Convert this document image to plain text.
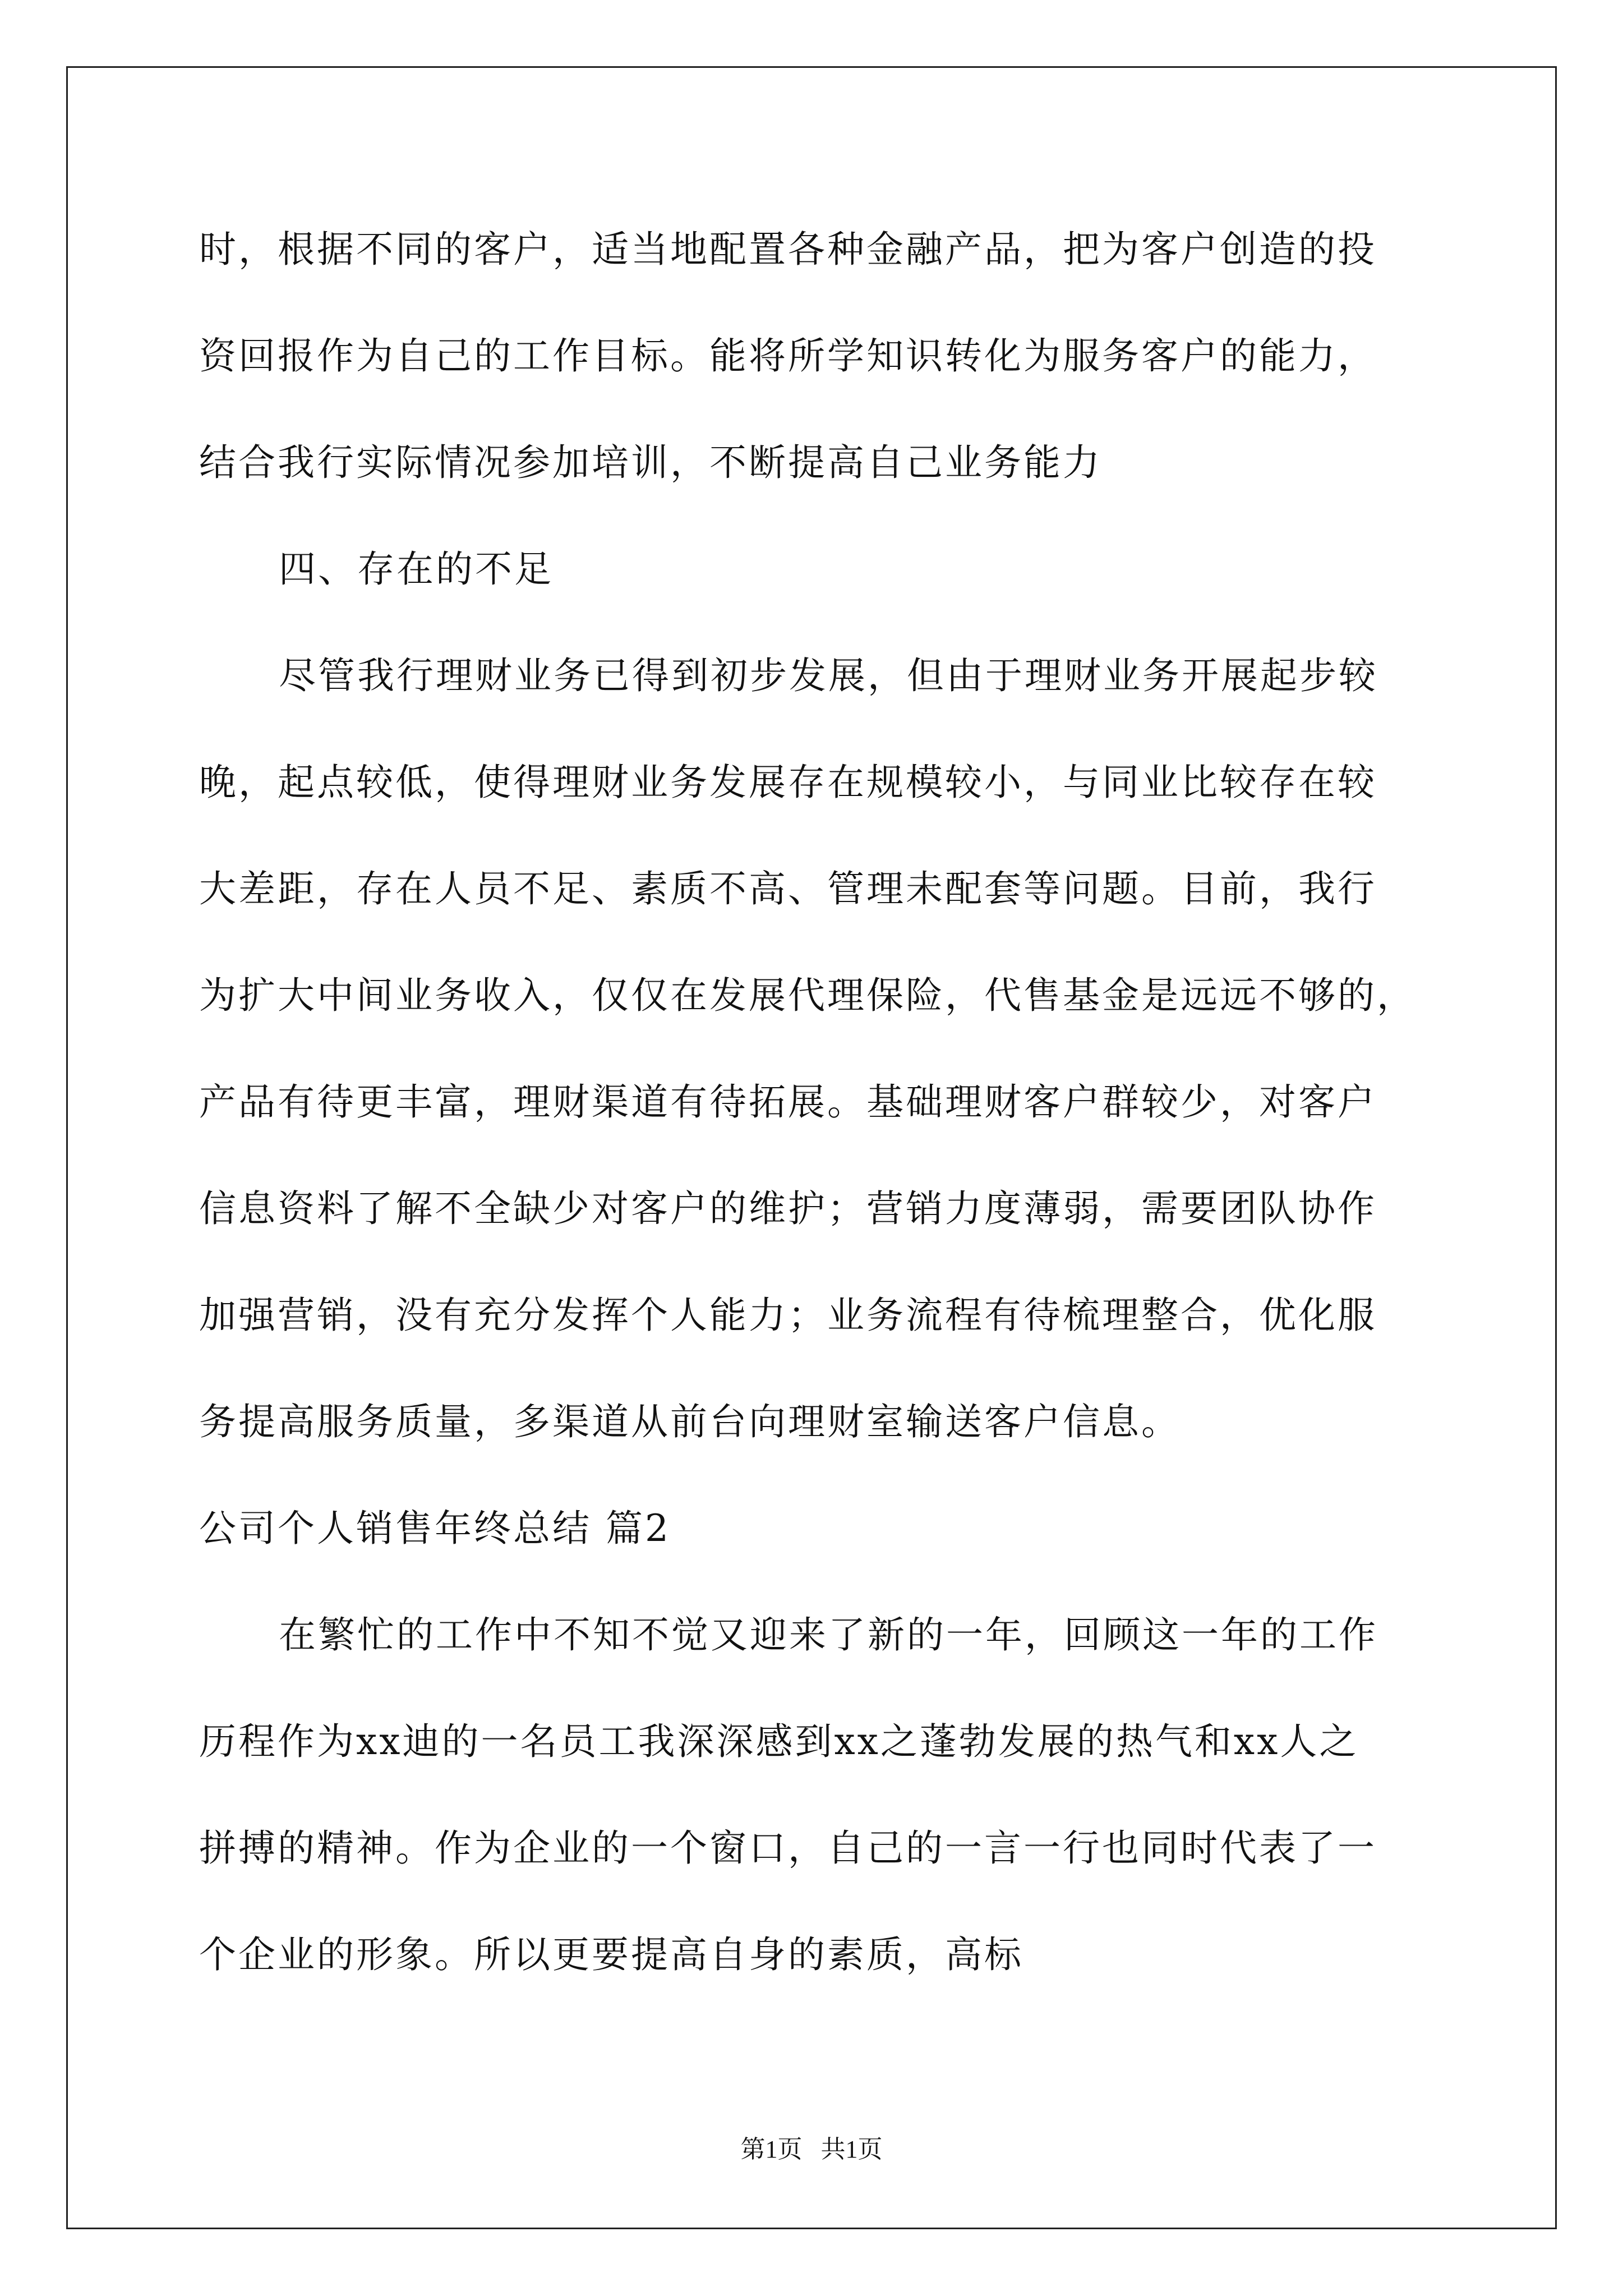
时，根据不同的客户，适当地配置各种金融产品，把为客户创造的投
资回报作为自己的工作目标。能将所学知识转化为服务客户的能力，
结合我行实际情况参加培训，不断提高自己业务能力
四、存在的不足
尽管我行理财业务已得到初步发展，但由于理财业务开展起步较
晚，起点较低，使得理财业务发展存在规模较小，与同业比较存在较
大差距，存在人员不足、素质不高、管理未配套等问题。目前，我行
为扩大中间业务收入，仅仅在发展代理保险，代售基金是远远不够的，
产品有待更丰富，理财渠道有待拓展。基础理财客户群较少，对客户
信息资料了解不全缺少对客户的维护；营销力度薄弱，需要团队协作
加强营销，没有充分发挥个人能力；业务流程有待梳理整合，优化服
务提高服务质量，多渠道从前台向理财室输送客户信息。
公司个人销售年终总结 篇2
在繁忙的工作中不知不觉又迎来了新的一年，回顾这一年的工作
历程作为xx迪的一名员工我深深感到xx之蓬勃发展的热气和xx人之
拼搏的精神。作为企业的一个窗口，自己的一言一行也同时代表了一
个企业的形象。所以更要提高自身的素质，高标
第1页   共1页
